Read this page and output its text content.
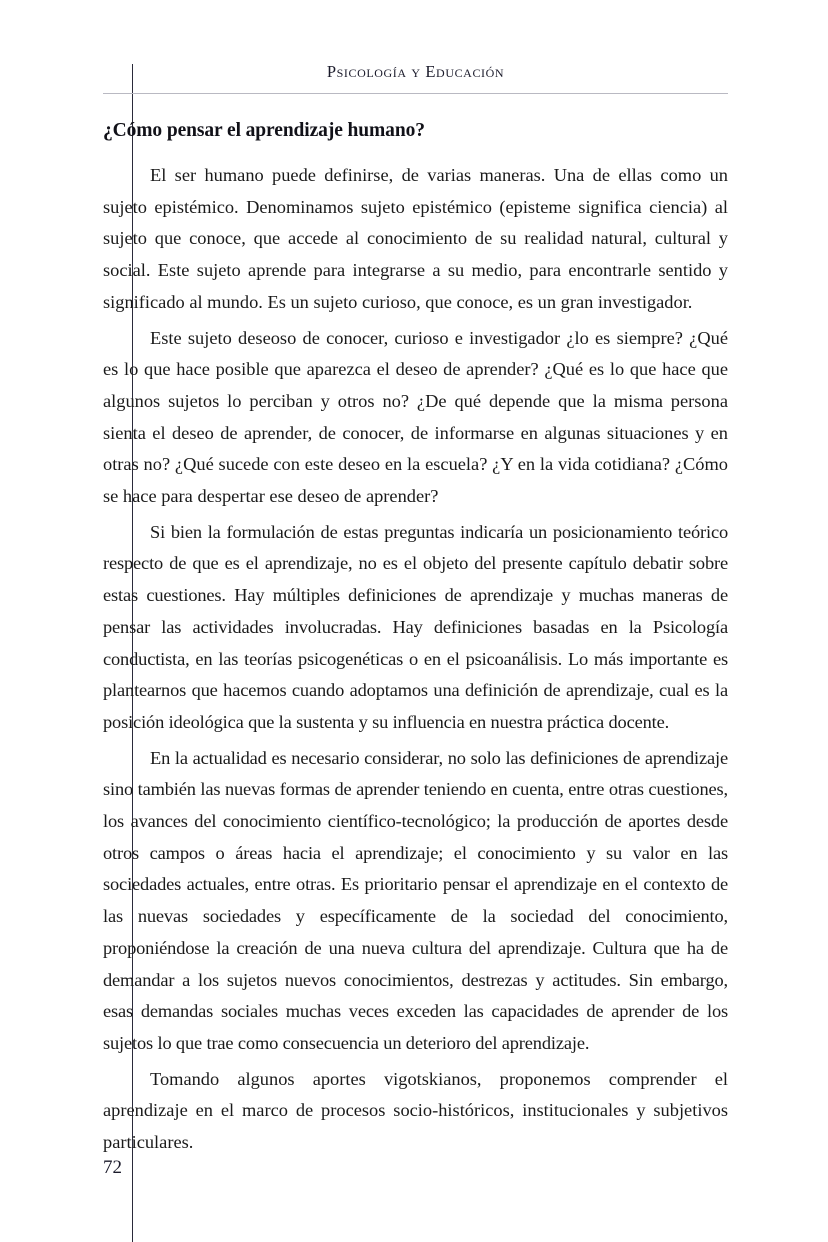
Psicología y Educación
¿Cómo pensar el aprendizaje humano?

El ser humano puede definirse, de varias maneras. Una de ellas como un sujeto epistémico. Denominamos sujeto epistémico (episteme significa ciencia) al sujeto que conoce, que accede al conocimiento de su realidad natural, cultural y social. Este sujeto aprende para integrarse a su medio, para encontrarle sentido y significado al mundo. Es un sujeto curioso, que conoce, es un gran investigador.

Este sujeto deseoso de conocer, curioso e investigador ¿lo es siempre? ¿Qué es lo que hace posible que aparezca el deseo de aprender? ¿Qué es lo que hace que algunos sujetos lo perciban y otros no? ¿De qué depende que la misma persona sienta el deseo de aprender, de conocer, de informarse en algunas situaciones y en otras no? ¿Qué sucede con este deseo en la escuela? ¿Y en la vida cotidiana? ¿Cómo se hace para despertar ese deseo de aprender?

Si bien la formulación de estas preguntas indicaría un posicionamiento teórico respecto de que es el aprendizaje, no es el objeto del presente capítulo debatir sobre estas cuestiones. Hay múltiples definiciones de aprendizaje y muchas maneras de pensar las actividades involucradas. Hay definiciones basadas en la Psicología conductista, en las teorías psicogenéticas o en el psicoanálisis. Lo más importante es plantearnos que hacemos cuando adoptamos una definición de aprendizaje, cual es la posición ideológica que la sustenta y su influencia en nuestra práctica docente.

En la actualidad es necesario considerar, no solo las definiciones de aprendizaje sino también las nuevas formas de aprender teniendo en cuenta, entre otras cuestiones, los avances del conocimiento científico-tecnológico; la producción de aportes desde otros campos o áreas hacia el aprendizaje; el conocimiento y su valor en las sociedades actuales, entre otras. Es prioritario pensar el aprendizaje en el contexto de las nuevas sociedades y específicamente de la sociedad del conocimiento, proponiéndose la creación de una nueva cultura del aprendizaje. Cultura que ha de demandar a los sujetos nuevos conocimientos, destrezas y actitudes. Sin embargo, esas demandas sociales muchas veces exceden las capacidades de aprender de los sujetos lo que trae como consecuencia un deterioro del aprendizaje.

Tomando algunos aportes vigotskianos, proponemos comprender el aprendizaje en el marco de procesos socio-históricos, institucionales y subjetivos particulares.

72
